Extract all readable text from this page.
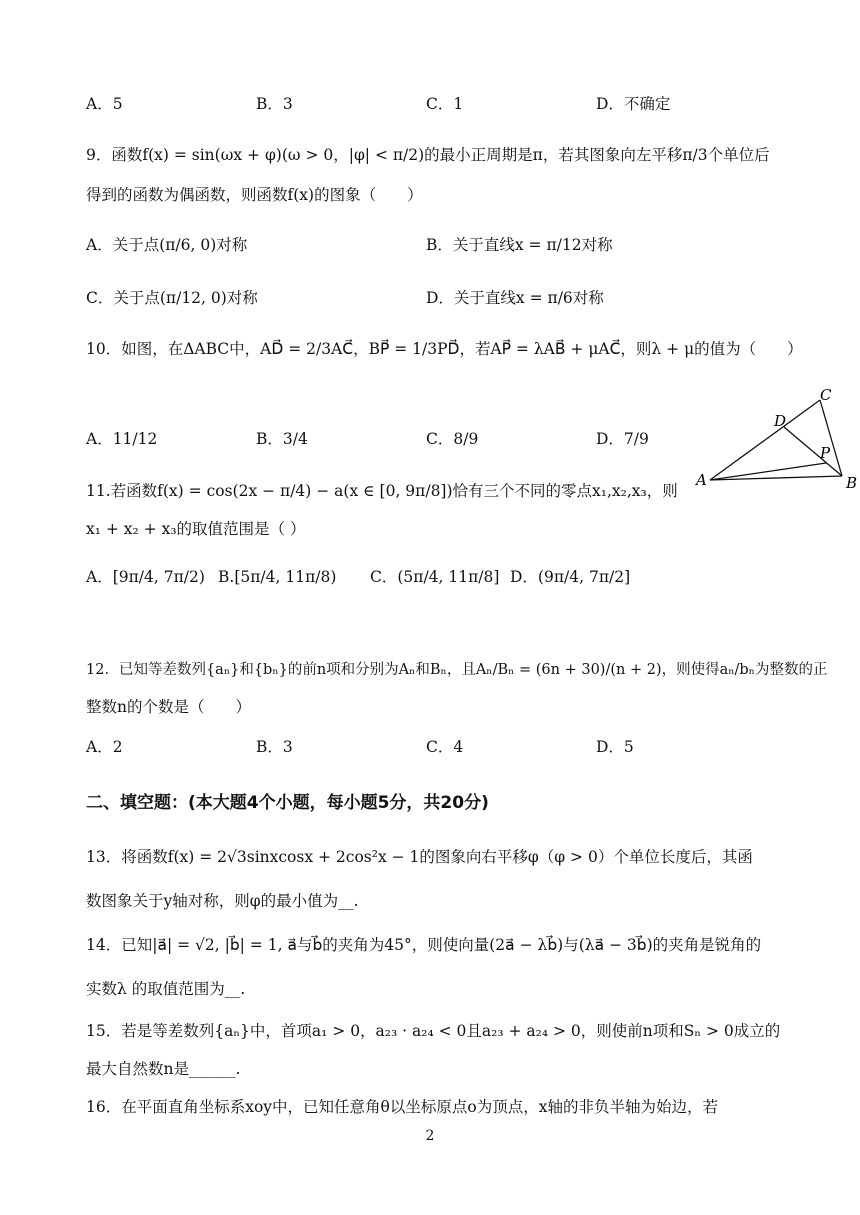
A．5	B．3	C．1	D．不确定
9．函数f(x) = sin(ωx + φ)(ω > 0，|φ| < π/2)的最小正周期是π，若其图象向左平移π/3个单位后
得到的函数为偶函数，则函数f(x)的图象（　　）
A．关于点(π/6, 0)对称	B．关于直线x = π/12对称
C．关于点(π/12, 0)对称	D．关于直线x = π/6对称
10．如图，在ΔABC中，AD⃗ = 2/3AC⃗，BP⃗ = 1/3PD⃗，若AP⃗ = λAB⃗ + μAC⃗，则λ + μ的值为（　　）
A．11/12	B．3/4	C．8/9	D．7/9
A	B
C
D
P
11.若函数f(x) = cos(2x − π/4) − a(x ∈ [0, 9π/8])恰有三个不同的零点x₁,x₂,x₃，则
x₁ + x₂ + x₃的取值范围是（ ）
A．[9π/4, 7π/2) B.[5π/4, 11π/8) C．(5π/4, 11π/8] D．(9π/4, 7π/2]
12．已知等差数列{aₙ}和{bₙ}的前n项和分别为Aₙ和Bₙ，且Aₙ/Bₙ = (6n + 30)/(n + 2)，则使得aₙ/bₙ为整数的正
整数n的个数是（　　）
A．2	B．3	C．4	D．5
二、填空题：(本大题4个小题，每小题5分，共20分)
13．将函数f(x) = 2√3sinxcosx + 2cos²x − 1的图象向右平移φ（φ > 0）个单位长度后，其函
数图象关于y轴对称，则φ的最小值为__.
14．已知|a⃗| = √2, |b⃗| = 1, a⃗与b⃗的夹角为45°，则使向量(2a⃗ − λb⃗)与(λa⃗ − 3b⃗)的夹角是锐角的
实数λ 的取值范围为__.
15．若是等差数列{aₙ}中，首项a₁ > 0，a₂₃ · a₂₄ < 0且a₂₃ + a₂₄ > 0，则使前n项和Sₙ > 0成立的
最大自然数n是______.
16．在平面直角坐标系xoy中，已知任意角θ以坐标原点o为顶点，x轴的非负半轴为始边，若
2
